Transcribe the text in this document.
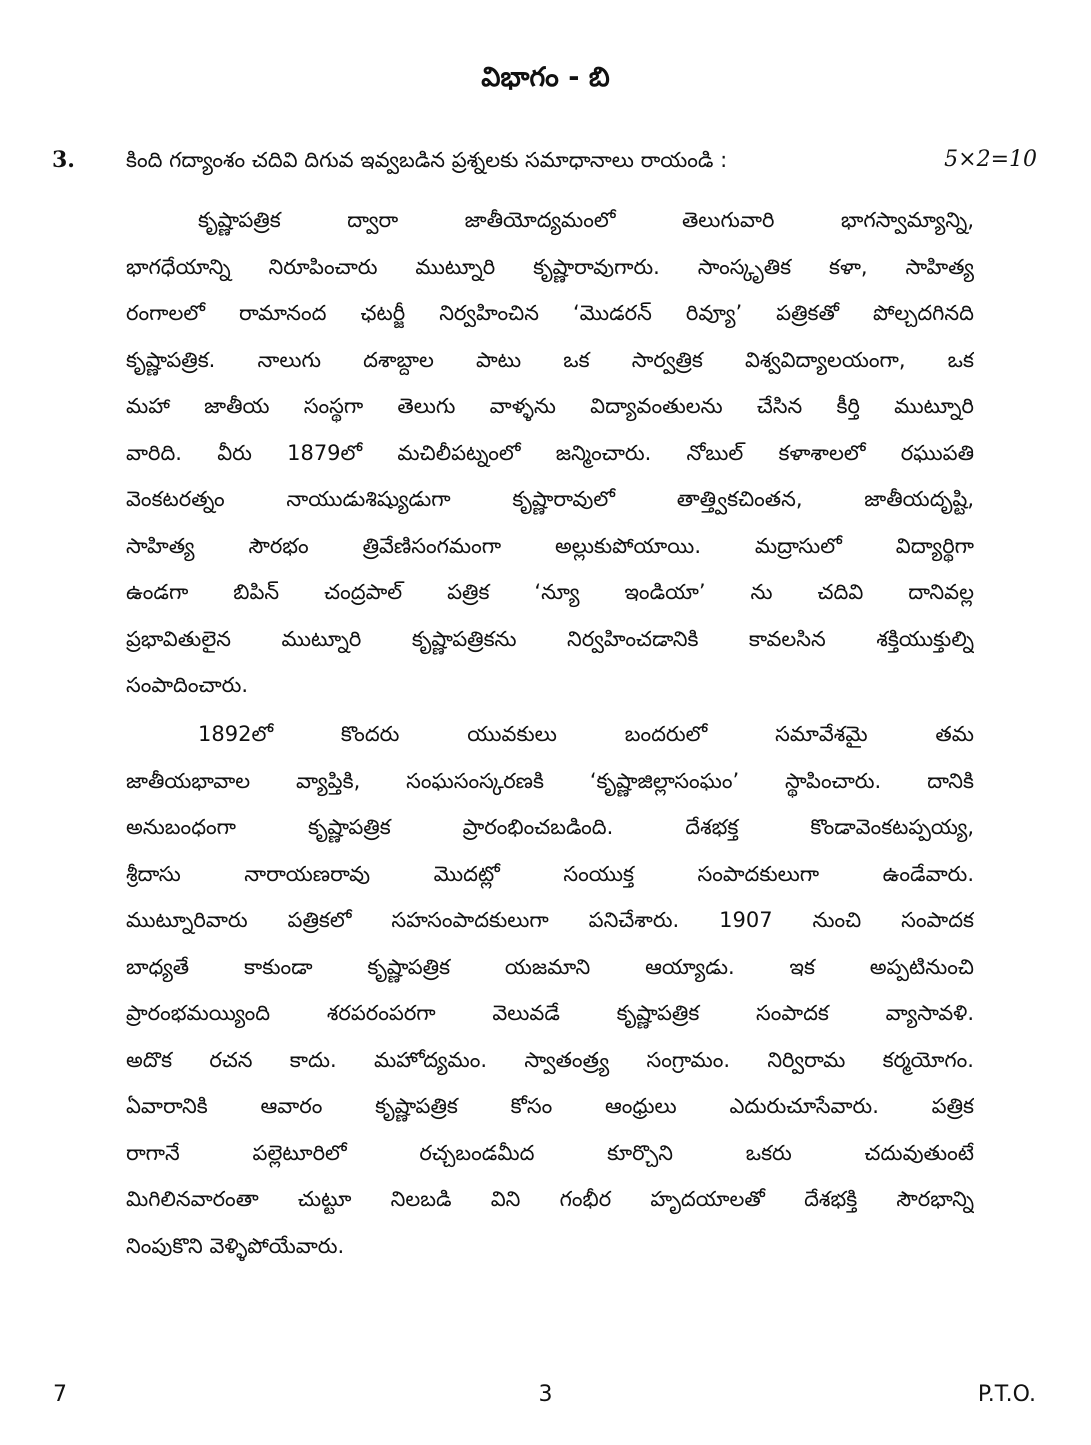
విభాగం - బి
3. కింది గద్యాంశం చదివి దిగువ ఇవ్వబడిన ప్రశ్నలకు సమాధానాలు రాయండి :	5×2=10
కృష్ణాపత్రిక ద్వారా జాతీయోద్యమంలో తెలుగువారి భాగస్వామ్యాన్ని,
భాగధేయాన్ని నిరూపించారు ముట్నూరి కృష్ణారావుగారు. సాంస్కృతిక కళా, సాహిత్య
రంగాలలో రామానంద ఛటర్జీ నిర్వహించిన ‘మొడరన్ రివ్యూ’ పత్రికతో పోల్చదగినది
కృష్ణాపత్రిక. నాలుగు దశాబ్దాల పాటు ఒక సార్వత్రిక విశ్వవిద్యాలయంగా, ఒక
మహా జాతీయ సంస్థగా తెలుగు వాళ్ళను విద్యావంతులను చేసిన కీర్తి ముట్నూరి
వారిది. వీరు 1879లో మచిలీపట్నంలో జన్మించారు. నోబుల్ కళాశాలలో రఘుపతి
వెంకటరత్నం నాయుడుశిష్యుడుగా కృష్ణారావులో తాత్త్వికచింతన, జాతీయదృష్టి,
సాహిత్య సౌరభం త్రివేణిసంగమంగా అల్లుకుపోయాయి. మద్రాసులో విద్యార్థిగా
ఉండగా బిపిన్ చంద్రపాల్ పత్రిక ‘న్యూ ఇండియా’ ను చదివి దానివల్ల
ప్రభావితులైన ముట్నూరి కృష్ణాపత్రికను నిర్వహించడానికి కావలసిన శక్తియుక్తుల్ని
సంపాదించారు.
1892లో కొందరు యువకులు బందరులో సమావేశమై తమ
జాతీయభావాల వ్యాప్తికి, సంఘసంస్కరణకి ‘కృష్ణాజిల్లాసంఘం’ స్థాపించారు. దానికి
అనుబంధంగా కృష్ణాపత్రిక ప్రారంభించబడింది. దేశభక్త కొండావెంకటప్పయ్య,
శ్రీదాసు నారాయణరావు మొదట్లో సంయుక్త సంపాదకులుగా ఉండేవారు.
ముట్నూరివారు పత్రికలో సహసంపాదకులుగా పనిచేశారు. 1907 నుంచి సంపాదక
బాధ్యతే కాకుండా కృష్ణాపత్రిక యజమాని ఆయ్యాడు. ఇక అప్పటినుంచి
ప్రారంభమయ్యింది శరపరంపరగా వెలువడే కృష్ణాపత్రిక సంపాదక వ్యాసావళి.
అదొక రచన కాదు. మహోద్యమం. స్వాతంత్ర్య సంగ్రామం. నిర్విరామ కర్మయోగం.
ఏవారానికి ఆవారం కృష్ణాపత్రిక కోసం ఆంధ్రులు ఎదురుచూసేవారు. పత్రిక
రాగానే పల్లెటూరిలో రచ్చబండమీద కూర్చొని ఒకరు చదువుతుంటే
మిగిలినవారంతా చుట్టూ నిలబడి విని గంభీర హృదయాలతో దేశభక్తి సౌరభాన్ని
నింపుకొని వెళ్ళిపోయేవారు.
7	3	P.T.O.
